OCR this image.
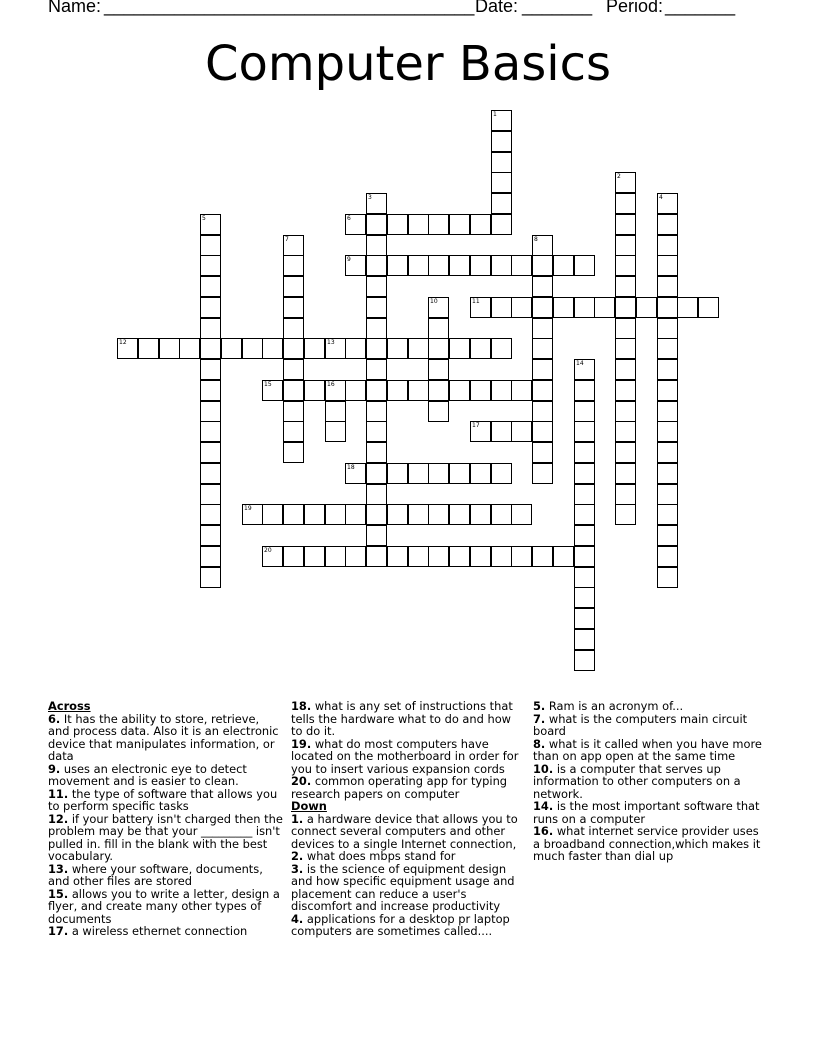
Name: _____________________________________ Date: _______ Period: _______
Computer Basics
6
9
11
12	13
15	16
17
18
19
20
1
2
3	4
5
7	8
10
14
Across
6. It has the ability to store, retrieve, and process data. Also it is an electronic device that manipulates information, or data
9. uses an electronic eye to detect movement and is easier to clean.
11. the type of software that allows you to perform specific tasks
12. if your battery isn't charged then the problem may be that your _________ isn't pulled in. fill in the blank with the best vocabulary.
13. where your software, documents, and other files are stored
15. allows you to write a letter, design a flyer, and create many other types of documents
17. a wireless ethernet connection
18. what is any set of instructions that tells the hardware what to do and how to do it.
19. what do most computers have located on the motherboard in order for you to insert various expansion cords
20. common operating app for typing research papers on computer
Down
1. a hardware device that allows you to connect several computers and other devices to a single Internet connection,
2. what does mbps stand for
3. is the science of equipment design and how specific equipment usage and placement can reduce a user's discomfort and increase productivity
4. applications for a desktop pr laptop computers are sometimes called....
5. Ram is an acronym of...
7. what is the computers main circuit board
8. what is it called when you have more than on app open at the same time
10. is a computer that serves up information to other computers on a network.
14. is the most important software that runs on a computer
16. what internet service provider uses a broadband connection,which makes it much faster than dial up
